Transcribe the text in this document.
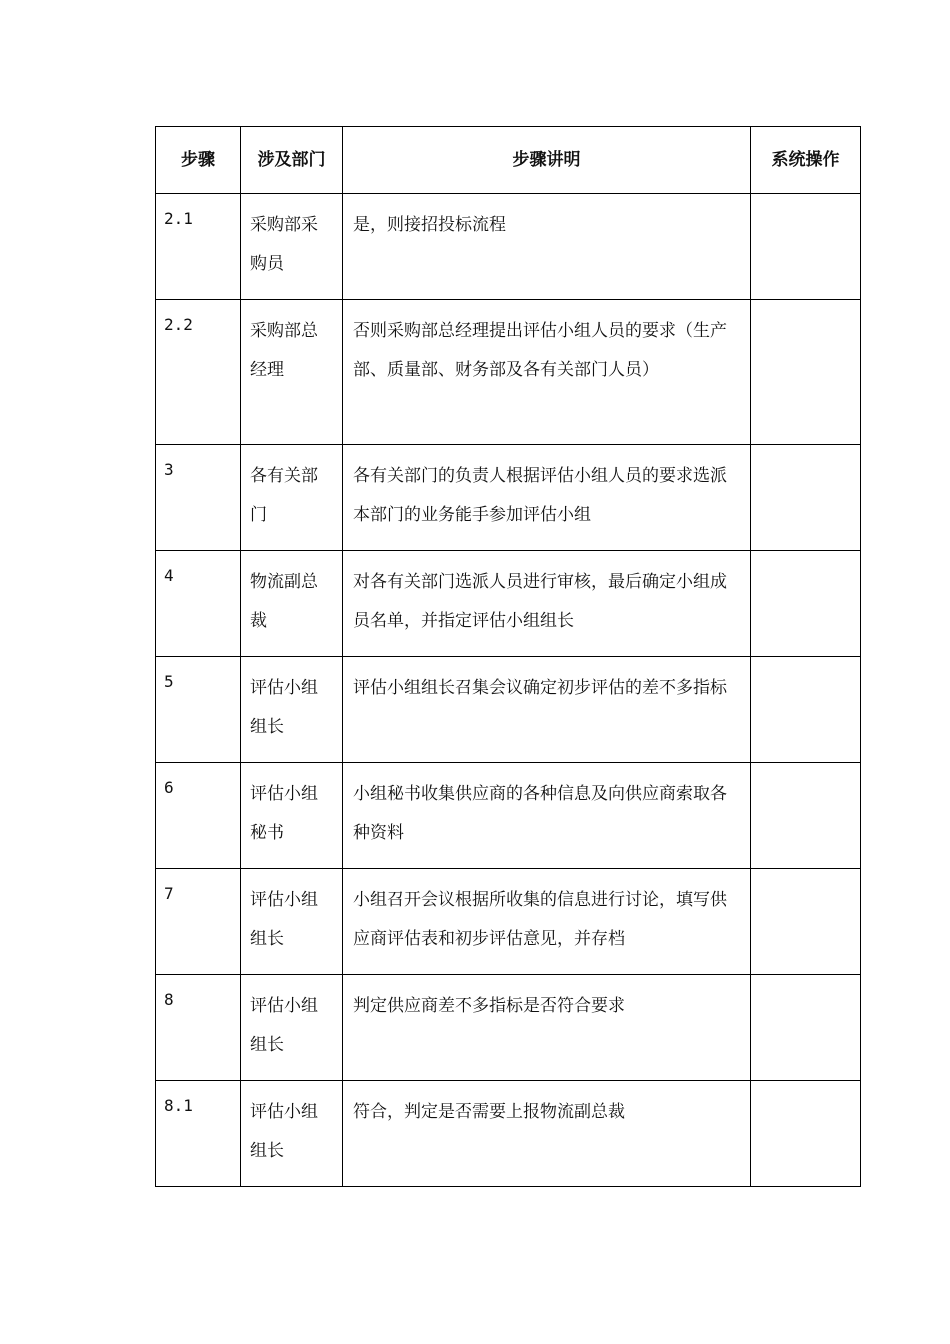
步骤	涉及部门	步骤讲明	系统操作
2.1	采购部采购员	是，则接招投标流程	
2.2	采购部总经理	否则采购部总经理提出评估小组人员的要求（生产部、质量部、财务部及各有关部门人员）	
3	各有关部门	各有关部门的负责人根据评估小组人员的要求选派本部门的业务能手参加评估小组	
4	物流副总裁	对各有关部门选派人员进行审核，最后确定小组成员名单，并指定评估小组组长	
5	评估小组组长	评估小组组长召集会议确定初步评估的差不多指标	
6	评估小组秘书	小组秘书收集供应商的各种信息及向供应商索取各种资料	
7	评估小组组长	小组召开会议根据所收集的信息进行讨论，填写供应商评估表和初步评估意见，并存档	
8	评估小组组长	判定供应商差不多指标是否符合要求	
8.1	评估小组组长	符合，判定是否需要上报物流副总裁	
